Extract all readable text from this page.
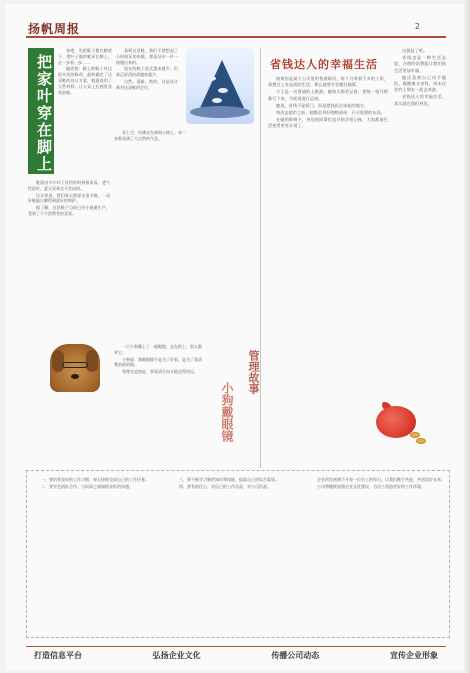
扬帆周报	2
把家叶穿在脚上

来吧，先把鞋子摆在脚底下，把叶子做的鞋穿在脚上，走一步看一步……

编者按：脚上的鞋子经过很多次的修改，最终确定了这双鞋的设计方案，鞋面选用了天然材料，让人穿上后感觉非常舒服。

看到这双鞋，我们不禁想起了小时候穿的布鞋，那是母亲一针一线缝出来的。

现在的鞋子款式越来越多，但真正舒适的却越来越少。

自然、清新、简约，这是设计师对这双鞋的定位。

鞋面由多片叶子状的材料拼接而成，透气性很好，夏天穿着也不会闷热。

设计师说，我们每天都要走很多路，一双好鞋能让脚得到最好的呵护。

据了解，这款鞋子目前已经小批量生产，受到了不少消费者的喜爱。

穿上它，仿佛走在林间小路上，每一步都充满了大自然的气息。

省钱达人的幸福生活

如果你是某个公司里的普通职员，每个月拿着不多的工资，却想过上有品质的生活，那么就要学会精打细算。

小王是一名普通的上班族，她每天都会记账，把每一笔开销都写下来，月底再进行总结。

她说，省钱不是抠门，而是把钱花在该花的地方。

每次去超市之前，她都会列好购物清单，只买需要的东西。

在她的影响下，身边的同事们也开始学着记账，大家都说生活变得更有计划了。

这就是了吧。

省钱也是一种生活态度，合理的消费能让我们的生活更加幸福。

她还喜欢自己动手做饭，既健康又省钱，周末还会约上朋友一起去郊游。

省钱达人的幸福生活，其实就在我们身边。

一只小狗戴上了一副眼镜，走在街上，别人都笑它。

小狗说，我戴眼镜不是为了好看，是为了看清楚前面的路。

管理也是如此，要看清方向才能走得更远。	管理故事
小狗戴眼镜

一、要培养良好的工作习惯，每天按时完成自己的工作任务。

二、要学会团队合作，与同事之间保持良好的沟通。

三、要不断学习新的知识和技能，提高自己的综合素质。

四、要有责任心，对自己的工作负责，对公司负责。

企业的发展离不开每一位员工的努力，让我们携手共进，共创美好未来。

公司将继续加强企业文化建设，为员工创造更好的工作环境。

打造信息平台	弘扬企业文化	传播公司动态	宣传企业形象
